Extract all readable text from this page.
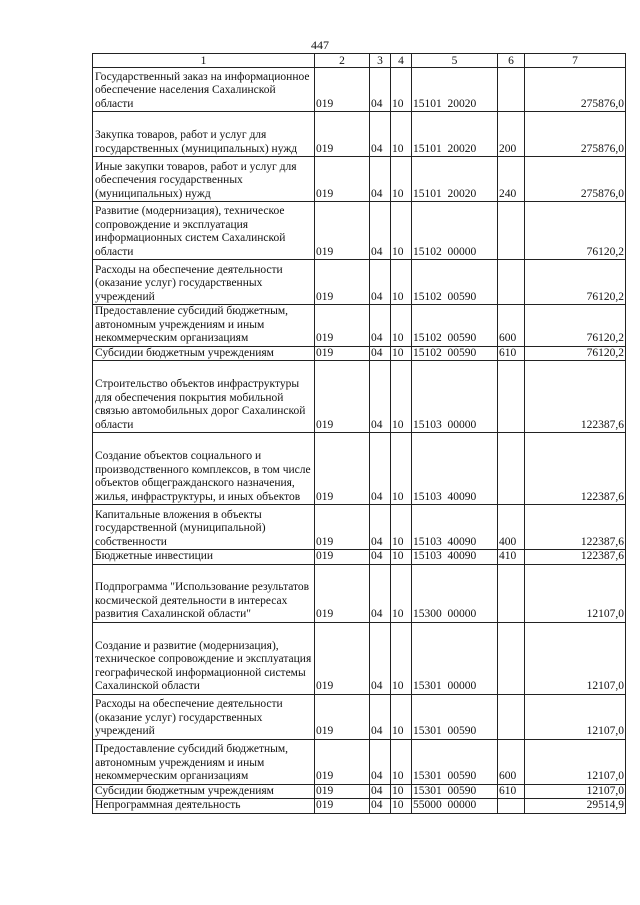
447
1	2	3	4	5	6	7
Государственный заказ на информационное обеспечение населения Сахалинской области	019	04	10	15101  20020		275876,0
Закупка товаров, работ и услуг для государственных (муниципальных) нужд	019	04	10	15101  20020	200	275876,0
Иные закупки товаров, работ и услуг для обеспечения государственных (муниципальных) нужд	019	04	10	15101  20020	240	275876,0
Развитие (модернизация), техническое сопровождение и эксплуатация информационных систем Сахалинской области	019	04	10	15102  00000		76120,2
Расходы на обеспечение деятельности (оказание услуг) государственных учреждений	019	04	10	15102  00590		76120,2
Предоставление субсидий бюджетным, автономным учреждениям и иным некоммерческим организациям	019	04	10	15102  00590	600	76120,2
Субсидии бюджетным учреждениям	019	04	10	15102  00590	610	76120,2
Строительство объектов инфраструктуры для обеспечения покрытия мобильной связью автомобильных дорог Сахалинской области	019	04	10	15103  00000		122387,6
Создание объектов социального и производственного комплексов, в том числе объектов общегражданского назначения, жилья, инфраструктуры, и иных объектов	019	04	10	15103  40090		122387,6
Капитальные вложения в объекты государственной (муниципальной) собственности	019	04	10	15103  40090	400	122387,6
Бюджетные инвестиции	019	04	10	15103  40090	410	122387,6
Подпрограмма "Использование результатов космической деятельности в интересах развития Сахалинской области"	019	04	10	15300  00000		12107,0
Создание и развитие (модернизация), техническое сопровождение и эксплуатация географической информационной системы Сахалинской области	019	04	10	15301  00000		12107,0
Расходы на обеспечение деятельности (оказание услуг) государственных учреждений	019	04	10	15301  00590		12107,0
Предоставление субсидий бюджетным, автономным учреждениям и иным некоммерческим организациям	019	04	10	15301  00590	600	12107,0
Субсидии бюджетным учреждениям	019	04	10	15301  00590	610	12107,0
Непрограммная деятельность	019	04	10	55000  00000		29514,9
